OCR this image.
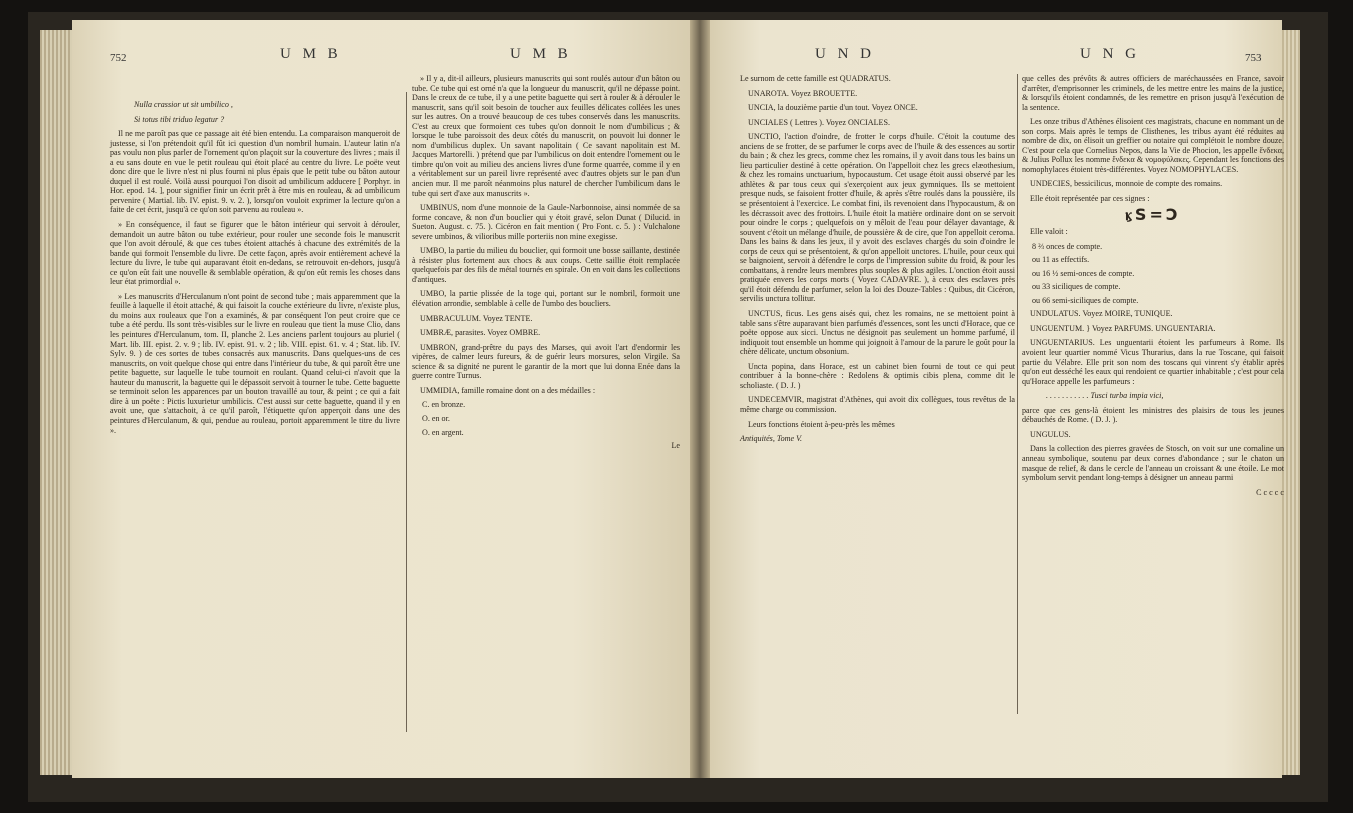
752	U M B	U M B

Nulla crassior ut sit umbilico ,

Si totus tibi triduo legatur ?

Il ne me paroît pas que ce passage ait été bien entendu. La comparaison manqueroit de justesse, si l'on prétendoit qu'il fût ici question d'un nombril humain. L'auteur latin n'a pas voulu non plus parler de l'ornement qu'on plaçoit sur la couverture des livres ; mais il a eu sans doute en vue le petit rouleau qui étoit placé au centre du livre. Le poëte veut donc dire que le livre n'est ni plus fourni ni plus épais que le petit tube ou bâton autour duquel il est roulé. Voilà aussi pourquoi l'on disoit ad umbilicum adducere [ Porphyr. in Hor. epod. 14. ], pour signifier finir un écrit prêt à être mis en rouleau, & ad umbilicum pervenire ( Martial. lib. IV. epist. 9. v. 2. ), lorsqu'on vouloit exprimer la lecture qu'on a faite de cet écrit, jusqu'à ce qu'on soit parvenu au rouleau ».

» En conséquence, il faut se figurer que le bâton intérieur qui servoit à dérouler, demandoit un autre bâton ou tube extérieur, pour rouler une seconde fois le manuscrit que l'on avoit déroulé, & que ces tubes étoient attachés à chacune des extrémités de la bande qui formoit l'ensemble du livre. De cette façon, après avoir entièrement achevé la lecture du livre, le tube qui auparavant étoit en-dedans, se retrouvoit en-dehors, jusqu'à ce qu'on eût fait une nouvelle & semblable opération, & qu'on eût remis les choses dans leur état primordial ».

» Les manuscrits d'Herculanum n'ont point de second tube ; mais apparemment que la feuille à laquelle il étoit attaché, & qui faisoit la couche extérieure du livre, n'existe plus, du moins aux rouleaux que l'on a examinés, & par conséquent l'on peut croire que ce tube a été perdu. Ils sont très-visibles sur le livre en rouleau que tient la muse Clio, dans les peintures d'Herculanum, tom. II, planche 2. Les anciens parlent toujours au pluriel ( Mart. lib. III. epist. 2. v. 9 ; lib. IV. epist. 91. v. 2 ; lib. VIII. epist. 61. v. 4 ; Stat. lib. IV. Sylv. 9. ) de ces sortes de tubes consacrés aux manuscrits. Dans quelques-uns de ces manuscrits, on voit quelque chose qui entre dans l'intérieur du tube, & qui paroît être une petite baguette, sur laquelle le tube tournoit en roulant. Quand celui-ci n'avoit que la hauteur du manuscrit, la baguette qui le dépassoit servoit à tourner le tube. Cette baguette se terminoit selon les apparences par un bouton travaillé au tour, & peint ; ce qui a fait dire à un poëte : Pictis luxurietur umbilicis. C'est aussi sur cette baguette, quand il y en avoit une, que s'attachoit, à ce qu'il paroît, l'étiquette qu'on apperçoit dans une des peintures d'Herculanum, & qui, pendue au rouleau, portoit apparemment le titre du livre ».

» Il y a, dit-il ailleurs, plusieurs manuscrits qui sont roulés autour d'un bâton ou tube. Ce tube qui est orné n'a que la longueur du manuscrit, qu'il ne dépasse point. Dans le creux de ce tube, il y a une petite baguette qui sert à rouler & à dérouler le manuscrit, sans qu'il soit besoin de toucher aux feuilles délicates collées les unes sur les autres. On a trouvé beaucoup de ces tubes conservés dans les manuscrits. C'est au creux que formoient ces tubes qu'on donnoit le nom d'umbilicus ; & lorsque le tube paroissoit des deux côtés du manuscrit, on pouvoit lui donner le nom d'umbilicus duplex. Un savant napolitain ( Ce savant napolitain est M. Jacques Martorelli. ) prétend que par l'umbilicus on doit entendre l'ornement ou le timbre qu'on voit au milieu des anciens livres d'une forme quarrée, comme il y en a véritablement sur un pareil livre représenté avec d'autres objets sur le pan d'un ancien mur. Il me paroît néanmoins plus naturel de chercher l'umbilicum dans le tube qui sert d'axe aux manuscrits ».

UMBINUS, nom d'une monnoie de la Gaule-Narbonnoise, ainsi nommée de sa forme concave, & non d'un bouclier qui y étoit gravé, selon Dunat ( Dilucid. in Sueton. August. c. 75. ). Cicéron en fait mention ( Pro Font. c. 5. ) : Vulchalone severe umbinos, & vilioribus mille porteriis non mine exegisse.

UMBO, la partie du milieu du bouclier, qui formoit une bosse saillante, destinée à résister plus fortement aux chocs & aux coups. Cette saillie étoit remplacée quelquefois par des fils de métal tournés en spirale. On en voit dans les collections d'antiques.

UMBO, la partie plissée de la toge qui, portant sur le nombril, formoit une élévation arrondie, semblable à celle de l'umbo des boucliers.

UMBRACULUM. Voyez TENTE.

UMBRÆ, parasites. Voyez OMBRE.

UMBRON, grand-prêtre du pays des Marses, qui avoit l'art d'endormir les vipères, de calmer leurs fureurs, & de guérir leurs morsures, selon Virgile. Sa science & sa dignité ne purent le garantir de la mort que lui donna Enée dans la guerre contre Turnus.

UMMIDIA, famille romaine dont on a des médailles :

C. en bronze.

O. en or.

O. en argent.

Le

U N D	U N G	753

Le surnom de cette famille est QUADRATUS.

UNAROTA. Voyez BROUETTE.

UNCIA, la douzième partie d'un tout. Voyez ONCE.

UNCIALES ( Lettres ). Voyez ONCIALES.

UNCTIO, l'action d'oindre, de frotter le corps d'huile. C'étoit la coutume des anciens de se frotter, de se parfumer le corps avec de l'huile & des essences au sortir du bain ; & chez les grecs, comme chez les romains, il y avoit dans tous les bains un lieu particulier destiné à cette opération. On l'appelloit chez les grecs elæothesium, & chez les romains unctuarium, hypocaustum. Cet usage étoit aussi observé par les athlètes & par tous ceux qui s'exerçoient aux jeux gymniques. Ils se mettoient presque nuds, se faisoient frotter d'huile, & après s'être roulés dans la poussière, ils se présentoient à l'exercice. Le combat fini, ils revenoient dans l'hypocaustum, & on les décrassoit avec des frottoirs. L'huile étoit la matière ordinaire dont on se servoit pour oindre le corps ; quelquefois on y mêloit de l'eau pour délayer davantage, & souvent c'étoit un mélange d'huile, de poussière & de cire, que l'on appelloit ceroma. Dans les bains & dans les jeux, il y avoit des esclaves chargés du soin d'oindre le corps de ceux qui se présentoient, & qu'on appelloit unctores. L'huile, pour ceux qui se baignoient, servoit à défendre le corps de l'impression subite du froid, & pour les combattans, à rendre leurs membres plus souples & plus agiles. L'onction étoit aussi pratiquée envers les corps morts ( Voyez CADAVRE. ), à ceux des esclaves près qu'il étoit défendu de parfumer, selon la loi des Douze-Tables : Quibus, dit Cicéron, servilis unctura tollitur.

UNCTUS, ficus. Les gens aisés qui, chez les romains, ne se mettoient point à table sans s'être auparavant bien parfumés d'essences, sont les uncti d'Horace, que ce poëte oppose aux sicci. Unctus ne désignoit pas seulement un homme parfumé, il indiquoit tout ensemble un homme qui joignoit à l'amour de la parure le goût pour la chère délicate, unctum obsonium.

Uncta popina, dans Horace, est un cabinet bien fourni de tout ce qui peut contribuer à la bonne-chère : Redolens & optimis cibis plena, comme dit le scholiaste. ( D. J. )

UNDECEMVIR, magistrat d'Athènes, qui avoit dix collègues, tous revêtus de la même charge ou commission.

Leurs fonctions étoient à-peu-près les mêmes

Antiquités, Tome V.

que celles des prévôts & autres officiers de maréchaussées en France, savoir d'arrêter, d'emprisonner les criminels, de les mettre entre les mains de la justice, & lorsqu'ils étoient condamnés, de les remettre en prison jusqu'à l'exécution de la sentence.

Les onze tribus d'Athènes élisoient ces magistrats, chacune en nommant un de son corps. Mais après le temps de Clisthenes, les tribus ayant été réduites au nombre de dix, on élisoit un greffier ou notaire qui complétoit le nombre douze. C'est pour cela que Cornelius Nepos, dans la Vie de Phocion, les appelle ἕνδεκα, & Julius Pollux les nomme ἕνδεκα & νομοφύλακες. Cependant les fonctions des nomophylaces étoient très-différentes. Voyez NOMOPHYLACES.

UNDECIES, bessicilicus, monnoie de compte des romains.

Elle étoit représentée par ces signes :

ⳤS=Ↄ

Elle valoit :

8 ⅔ onces de compte.

ou 11 as effectifs.

ou 16 ½ semi-onces de compte.

ou 33 siciliques de compte.

ou 66 semi-siciliques de compte.

UNDULATUS. Voyez MOIRE, TUNIQUE.

UNGUENTUM. } Voyez PARFUMS. UNGUENTARIA.

UNGUENTARIUS. Les unguentarii étoient les parfumeurs à Rome. Ils avoient leur quartier nommé Vicus Thurarius, dans la rue Toscane, qui faisoit partie du Vélabre. Elle prit son nom des toscans qui vinrent s'y établir après qu'on eut desséché les eaux qui rendoient ce quartier inhabitable ; c'est pour cela qu'Horace appelle les parfumeurs :

. . . . . . . . . . . Tusci turba impia vici,

parce que ces gens-là étoient les ministres des plaisirs de tous les jeunes débauchés de Rome. ( D. J. ).

UNGULUS.

Dans la collection des pierres gravées de Stosch, on voit sur une cornaline un anneau symbolique, soutenu par deux cornes d'abondance ; sur le chaton un masque de relief, & dans le cercle de l'anneau un croissant & une étoile. Le mot symbolum servit pendant long-temps à désigner un anneau parmi

C c c c c
